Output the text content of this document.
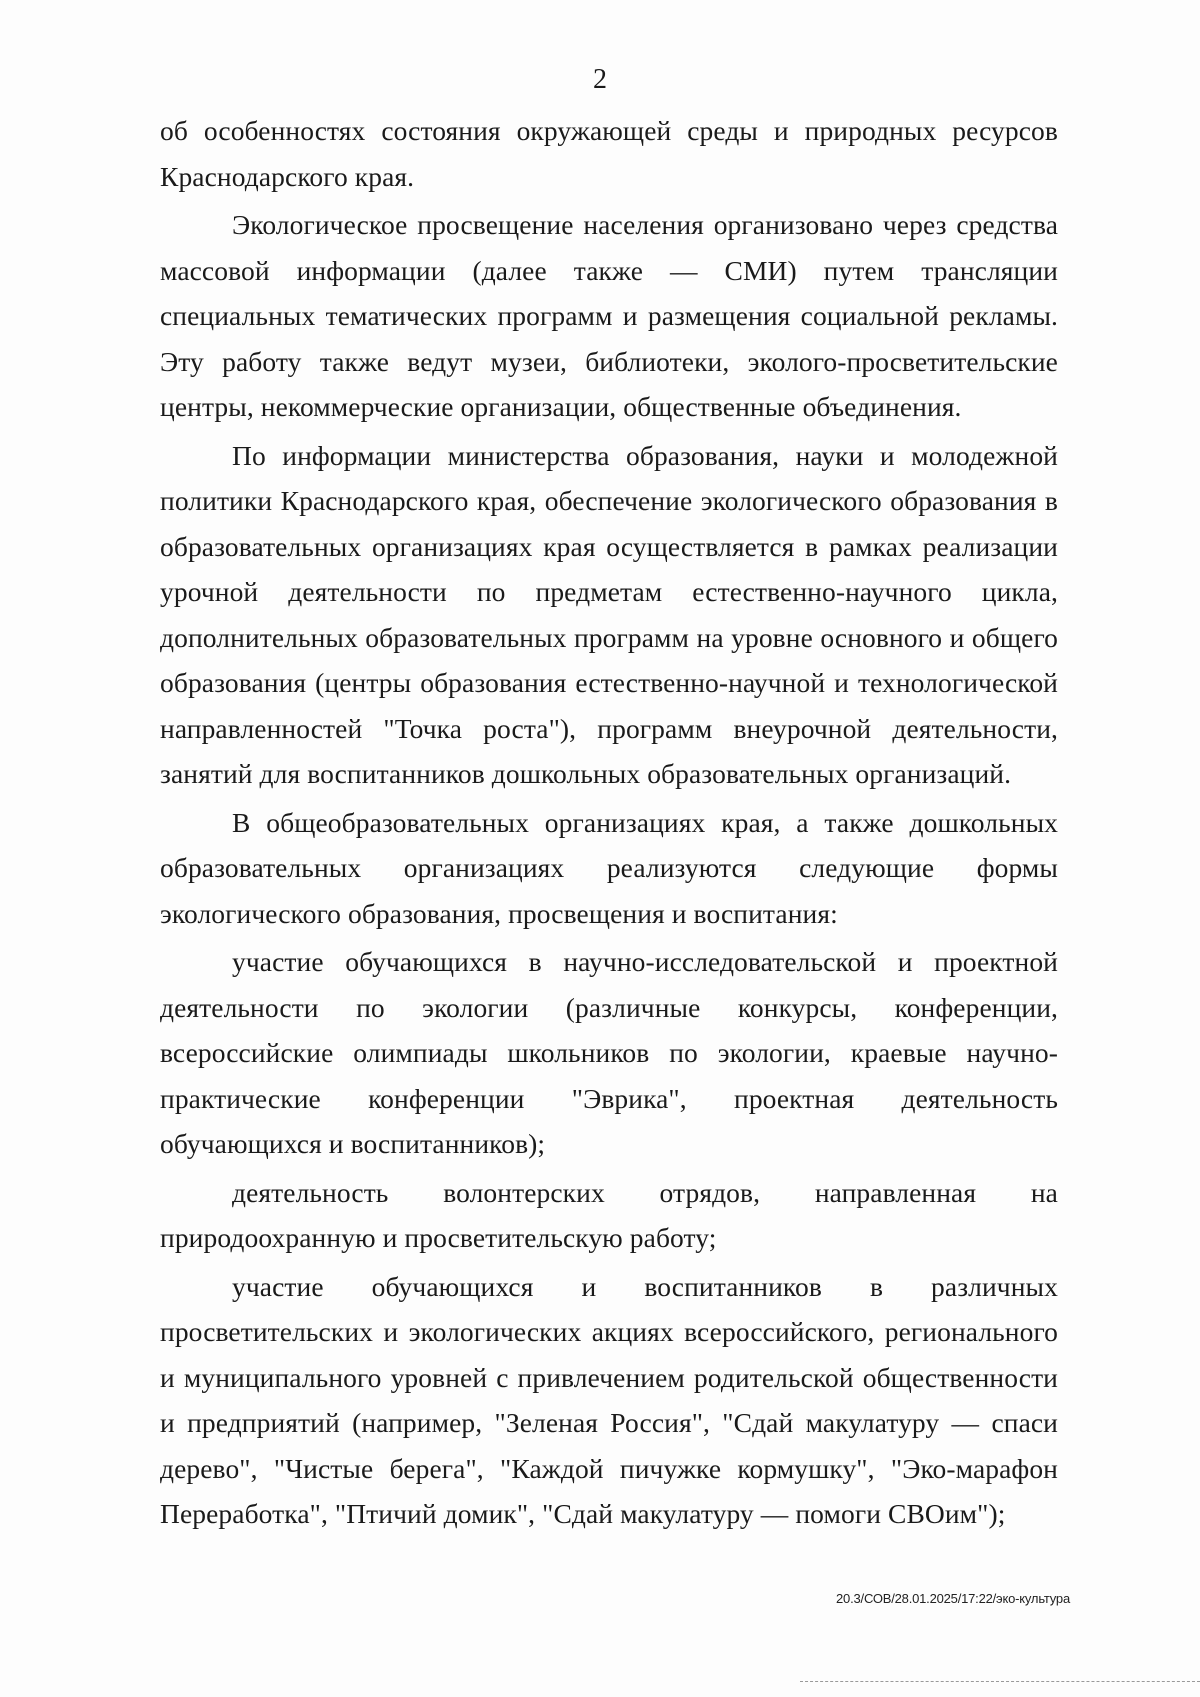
2

об особенностях состояния окружающей среды и природных ресурсов Краснодарского края.

Экологическое просвещение населения организовано через средства массовой информации (далее также — СМИ) путем трансляции специальных тематических программ и размещения социальной рекламы. Эту работу также ведут музеи, библиотеки, эколого-просветительские центры, некоммерческие организации, общественные объединения.

По информации министерства образования, науки и молодежной политики Краснодарского края, обеспечение экологического образования в образовательных организациях края осуществляется в рамках реализации урочной деятельности по предметам естественно-научного цикла, дополнительных образовательных программ на уровне основного и общего образования (центры образования естественно-научной и технологической направленностей "Точка роста"), программ внеурочной деятельности, занятий для воспитанников дошкольных образовательных организаций.

В общеобразовательных организациях края, а также дошкольных образовательных организациях реализуются следующие формы экологического образования, просвещения и воспитания:

участие обучающихся в научно-исследовательской и проектной деятельности по экологии (различные конкурсы, конференции, всероссийские олимпиады школьников по экологии, краевые научно-практические конференции "Эврика", проектная деятельность обучающихся и воспитанников);

деятельность волонтерских отрядов, направленная на природоохранную и просветительскую работу;

участие обучающихся и воспитанников в различных просветительских и экологических акциях всероссийского, регионального и муниципального уровней с привлечением родительской общественности и предприятий (например, "Зеленая Россия", "Сдай макулатуру — спаси дерево", "Чистые берега", "Каждой пичужке кормушку", "Эко-марафон Переработка", "Птичий домик", "Сдай макулатуру — помоги СВОим");

20.3/СОВ/28.01.2025/17:22/эко-культура
